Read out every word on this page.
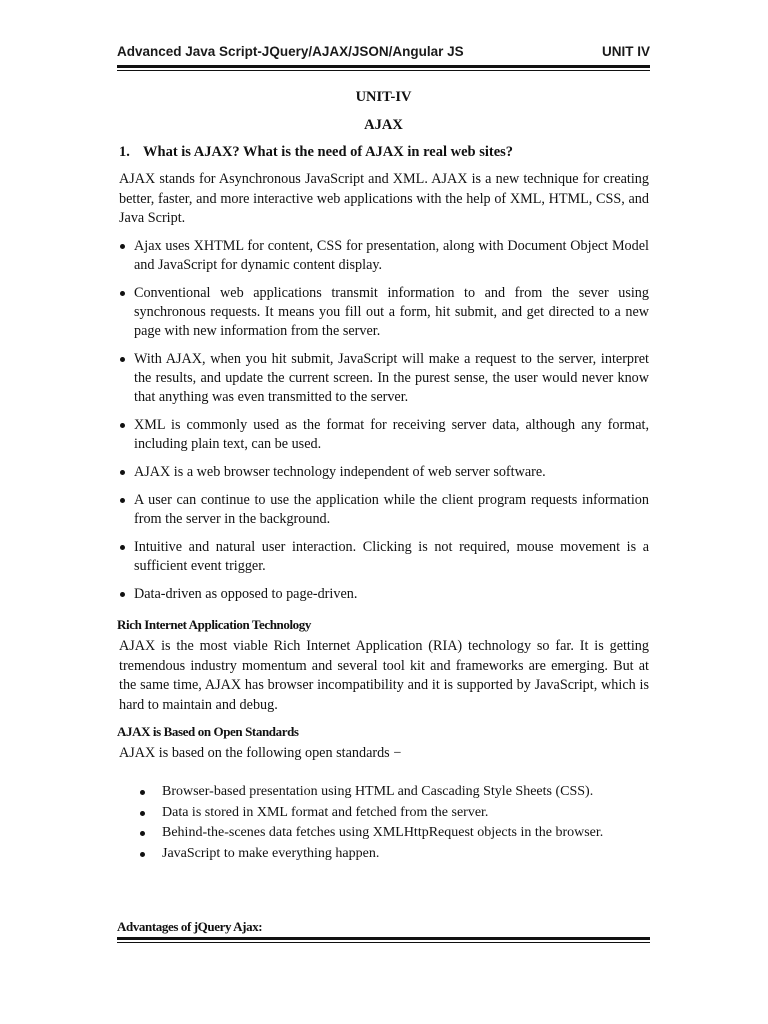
Advanced Java Script-JQuery/AJAX/JSON/Angular JS	UNIT IV
UNIT-IV
AJAX
1. What is AJAX? What is the need of AJAX in real web sites?
AJAX stands for Asynchronous JavaScript and XML. AJAX is a new technique for creating better, faster, and more interactive web applications with the help of XML, HTML, CSS, and Java Script.
Ajax uses XHTML for content, CSS for presentation, along with Document Object Model and JavaScript for dynamic content display.
Conventional web applications transmit information to and from the sever using synchronous requests. It means you fill out a form, hit submit, and get directed to a new page with new information from the server.
With AJAX, when you hit submit, JavaScript will make a request to the server, interpret the results, and update the current screen. In the purest sense, the user would never know that anything was even transmitted to the server.
XML is commonly used as the format for receiving server data, although any format, including plain text, can be used.
AJAX is a web browser technology independent of web server software.
A user can continue to use the application while the client program requests information from the server in the background.
Intuitive and natural user interaction. Clicking is not required, mouse movement is a sufficient event trigger.
Data-driven as opposed to page-driven.
Rich Internet Application Technology
AJAX is the most viable Rich Internet Application (RIA) technology so far. It is getting tremendous industry momentum and several tool kit and frameworks are emerging. But at the same time, AJAX has browser incompatibility and it is supported by JavaScript, which is hard to maintain and debug.
AJAX is Based on Open Standards
AJAX is based on the following open standards −
Browser-based presentation using HTML and Cascading Style Sheets (CSS).
Data is stored in XML format and fetched from the server.
Behind-the-scenes data fetches using XMLHttpRequest objects in the browser.
JavaScript to make everything happen.
Advantages of jQuery Ajax:
